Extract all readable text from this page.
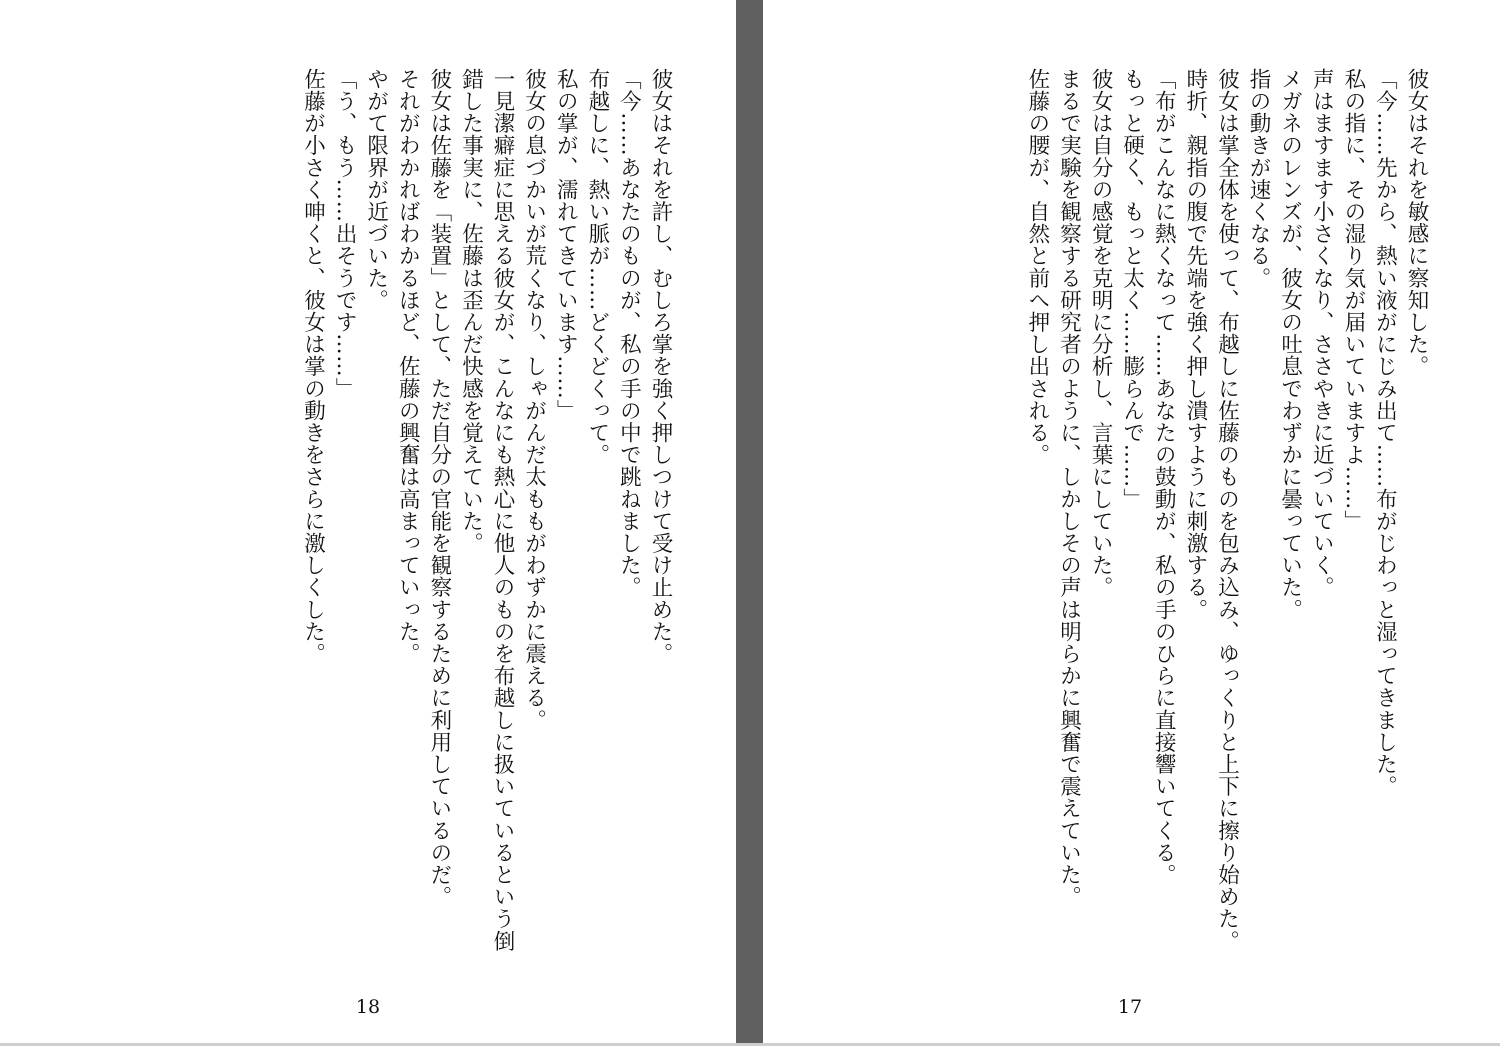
彼女はそれを許し、むしろ掌を強く押しつけて受け止めた。
「今……あなたのものが、私の手の中で跳ねました。
布越しに、熱い脈が……どくどくって。
私の掌が、濡れてきています……」
彼女の息づかいが荒くなり、しゃがんだ太ももがわずかに震える。
一見潔癖症に思える彼女が、こんなにも熱心に他人のものを布越しに扱いているという倒
錯した事実に、佐藤は歪んだ快感を覚えていた。
彼女は佐藤を「装置」として、ただ自分の官能を観察するために利用しているのだ。
それがわかればわかるほど、佐藤の興奮は高まっていった。
やがて限界が近づいた。
「う、もう……出そうです……」
佐藤が小さく呻くと、彼女は掌の動きをさらに激しくした。
18
彼女はそれを敏感に察知した。
「今……先から、熱い液がにじみ出て……布がじわっと湿ってきました。
私の指に、その湿り気が届いていますよ……」
声はますます小さくなり、ささやきに近づいていく。
メガネのレンズが、彼女の吐息でわずかに曇っていた。
指の動きが速くなる。
彼女は掌全体を使って、布越しに佐藤のものを包み込み、ゆっくりと上下に擦り始めた。
時折、親指の腹で先端を強く押し潰すように刺激する。
「布がこんなに熱くなって……あなたの鼓動が、私の手のひらに直接響いてくる。
もっと硬く、もっと太く……膨らんで……」
彼女は自分の感覚を克明に分析し、言葉にしていた。
まるで実験を観察する研究者のように、しかしその声は明らかに興奮で震えていた。
佐藤の腰が、自然と前へ押し出される。
17
